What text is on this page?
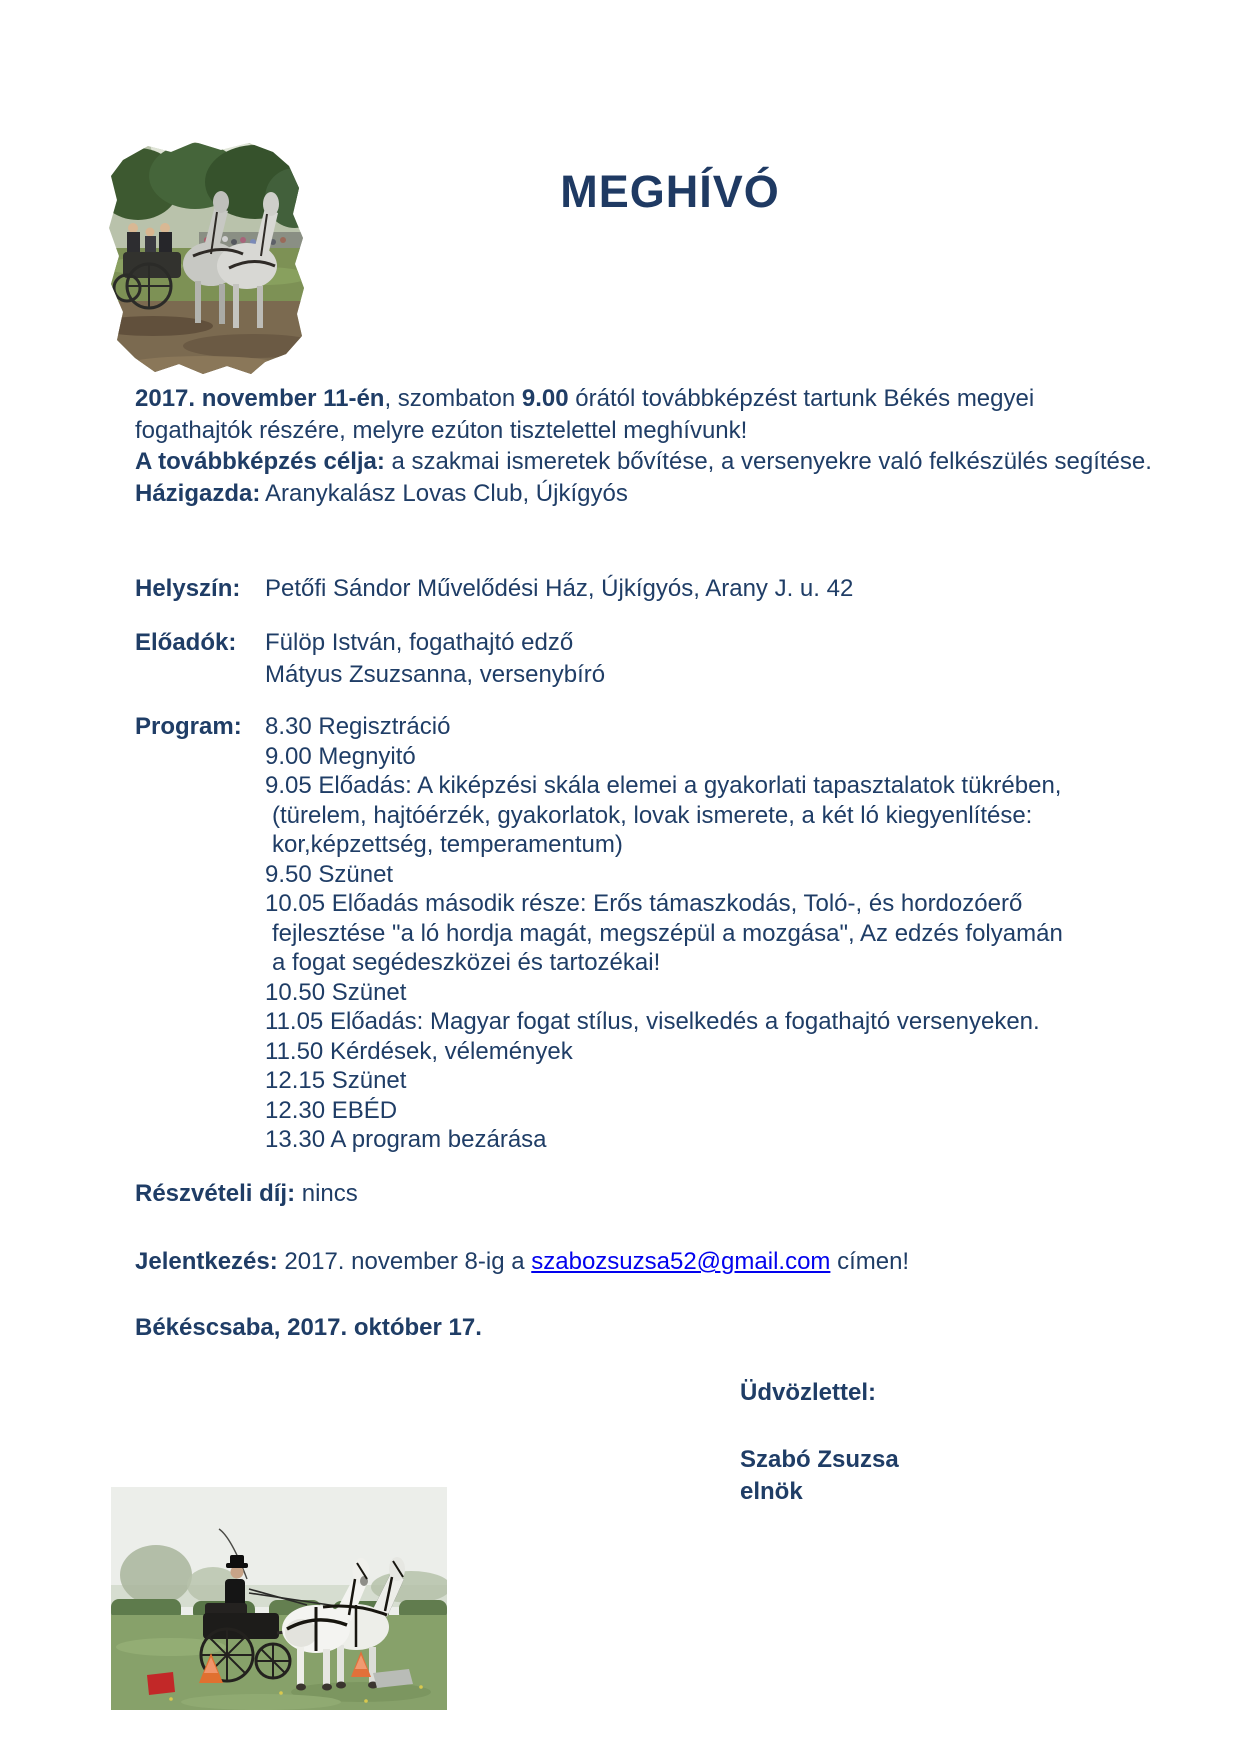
MEGHÍVÓ

2017. november 11-én, szombaton 9.00 órától továbbképzést tartunk Békés megyei fogathajtók részére, melyre ezúton tisztelettel meghívunk!

A továbbképzés célja: a szakmai ismeretek bővítése, a versenyekre való felkészülés segítése.

Házigazda: Aranykalász Lovas Club, Újkígyós
Helyszín:	Petőfi Sándor Művelődési Ház, Újkígyós, Arany J. u. 42
Előadók:	Fülöp István, fogathajtó edző
Mátyus Zsuzsanna, versenybíró
Program: 8.30 Regisztráció
9.00 Megnyitó
9.05 Előadás: A kiképzési skála elemei a gyakorlati tapasztalatok tükrében,
(türelem, hajtóérzék, gyakorlatok, lovak ismerete, a két ló kiegyenlítése:
kor,képzettség, temperamentum)
9.50 Szünet
10.05 Előadás második része: Erős támaszkodás, Toló-, és hordozóerő
fejlesztése "a ló hordja magát, megszépül a mozgása", Az edzés folyamán
a fogat segédeszközei és tartozékai!
10.50 Szünet
11.05 Előadás: Magyar fogat stílus, viselkedés a fogathajtó versenyeken.
11.50 Kérdések, vélemények
12.15 Szünet
12.30 EBÉD
13.30 A program bezárása
Részvételi díj: nincs
Jelentkezés: 2017. november 8-ig a szabozsuzsa52@gmail.com címen!
Békéscsaba, 2017. október 17.
Üdvözlettel:
Szabó Zsuzsa
elnök
